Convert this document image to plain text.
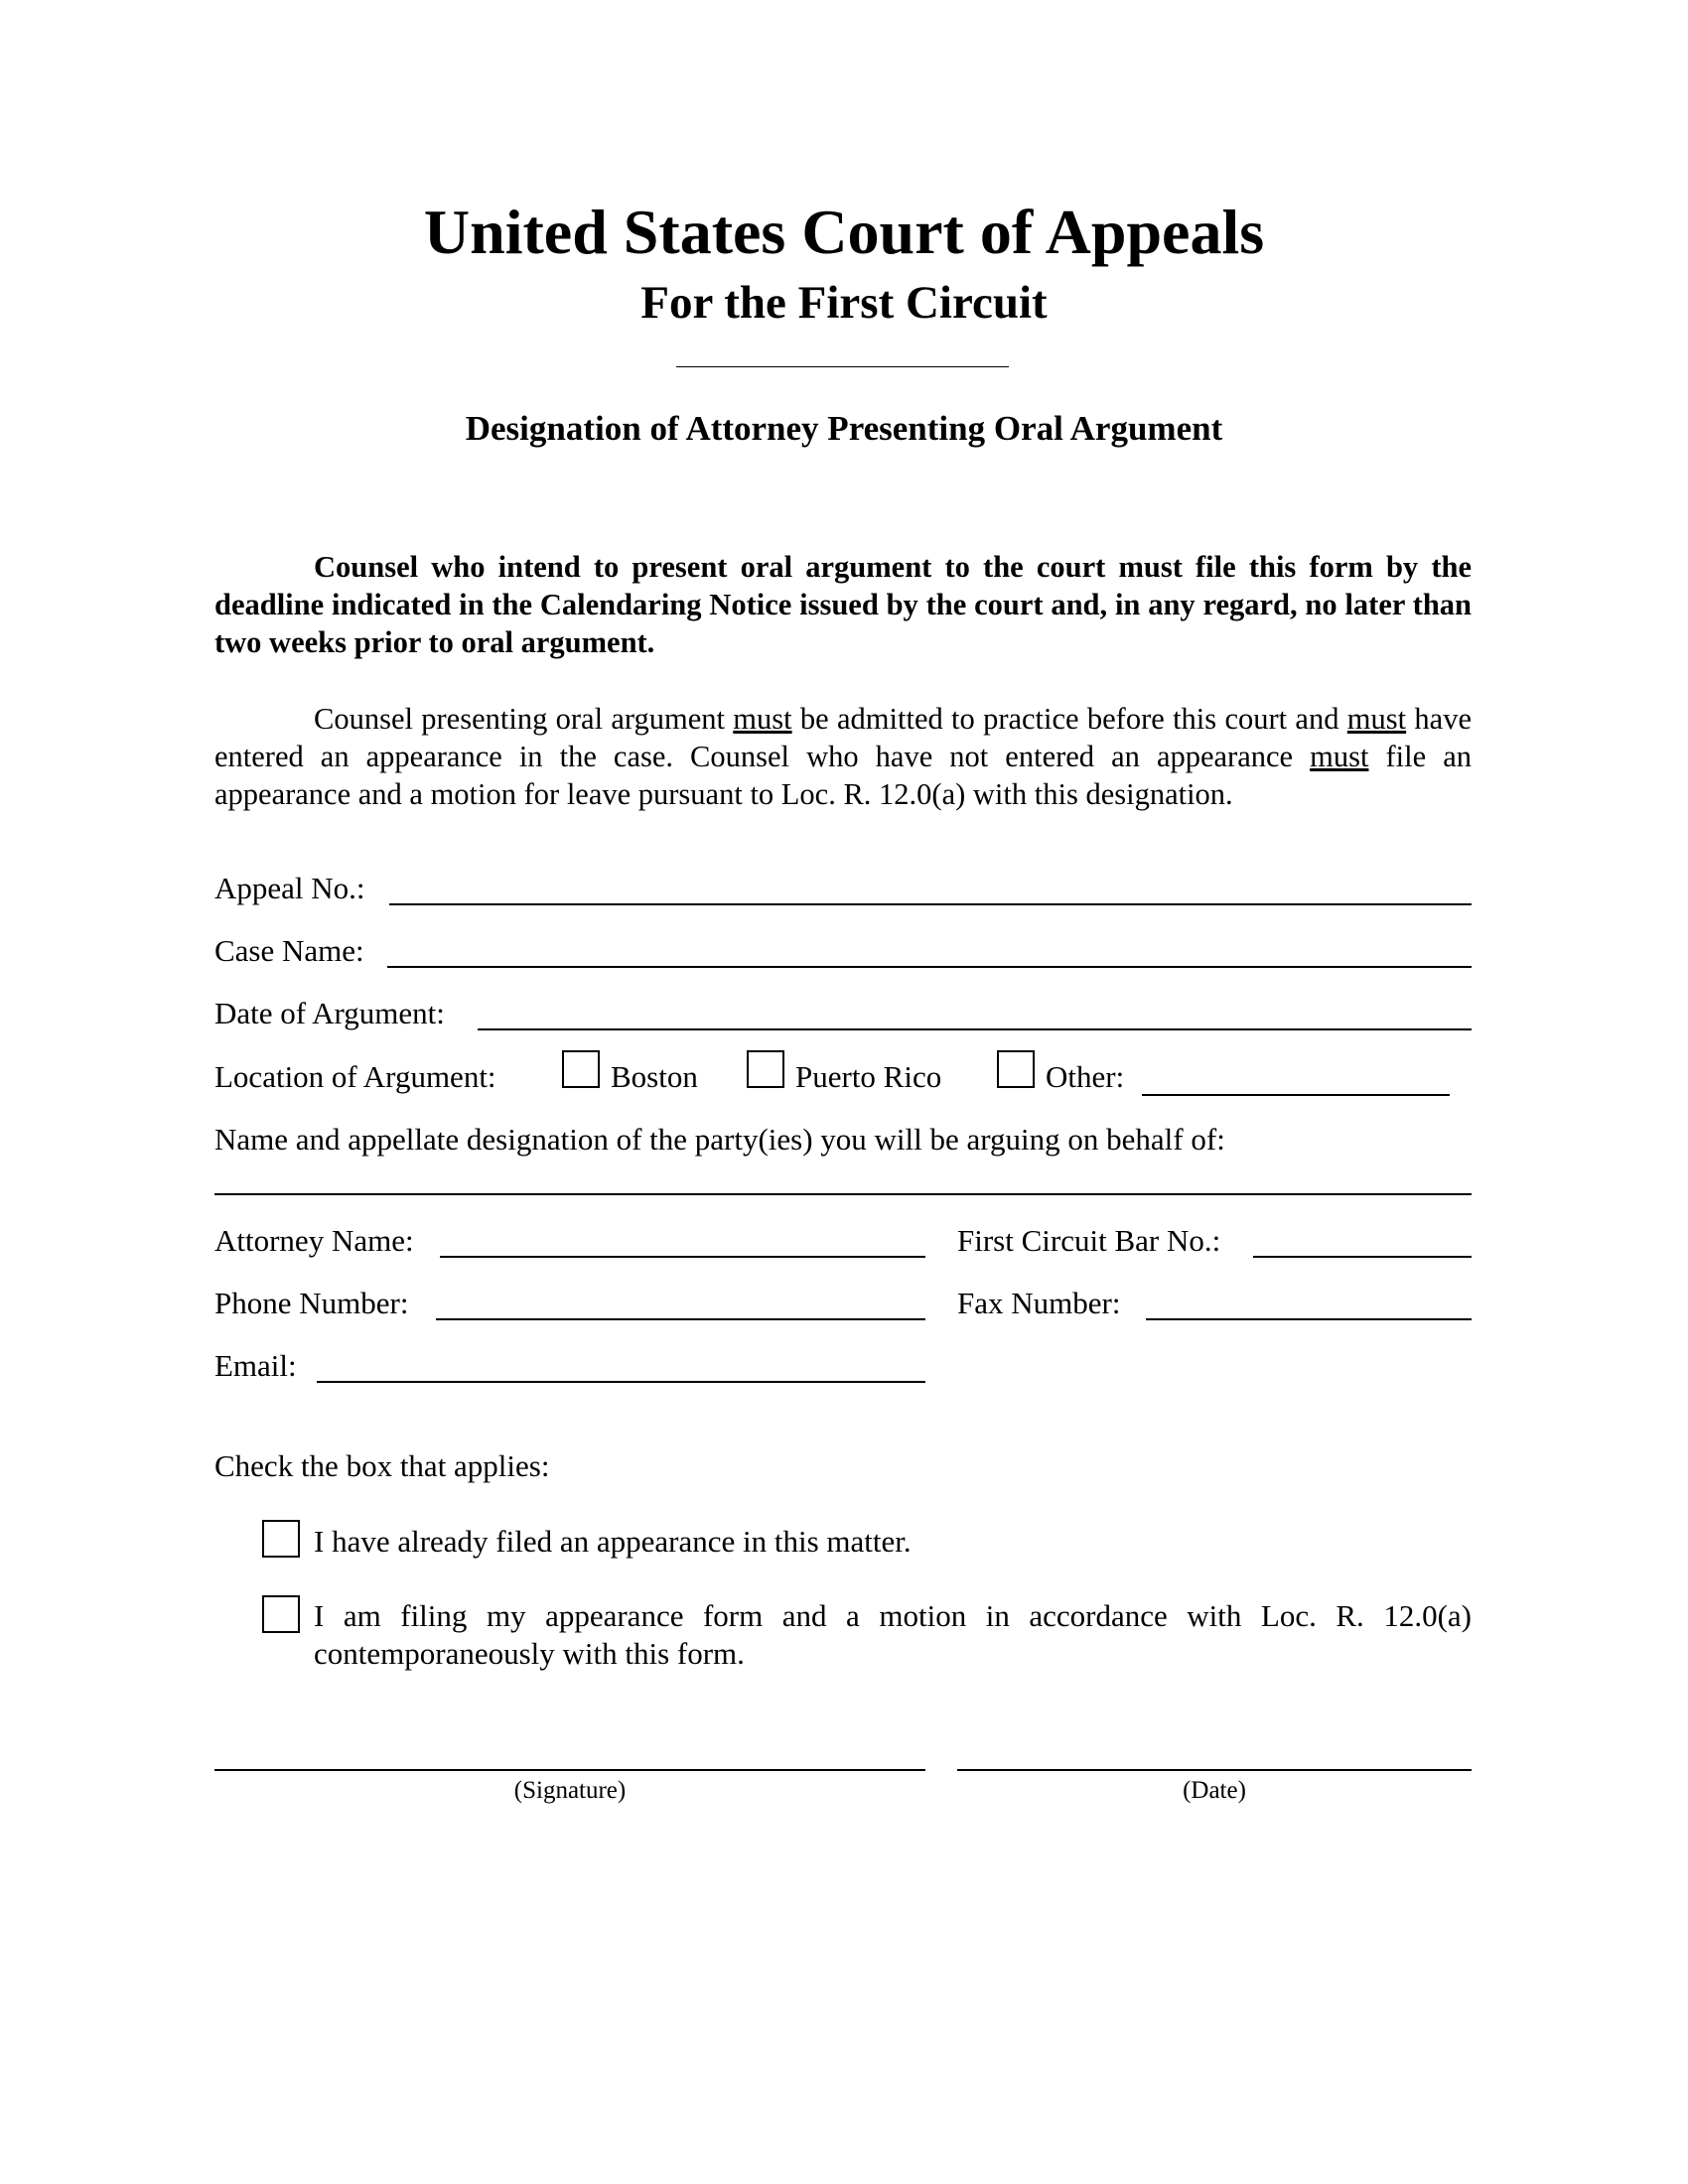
United States Court of Appeals
For the First Circuit
Designation of Attorney Presenting Oral Argument

Counsel who intend to present oral argument to the court must file this form by the deadline indicated in the Calendaring Notice issued by the court and, in any regard, no later than two weeks prior to oral argument.

Counsel presenting oral argument must be admitted to practice before this court and must have entered an appearance in the case. Counsel who have not entered an appearance must file an appearance and a motion for leave pursuant to Loc. R. 12.0(a) with this designation.

Appeal No.:
Case Name:
Date of Argument:
Location of Argument:	Boston	Puerto Rico	Other:
Name and appellate designation of the party(ies) you will be arguing on behalf of:
Attorney Name:	First Circuit Bar No.:
Phone Number:	Fax Number:
Email:
Check the box that applies:
I have already filed an appearance in this matter.
I am filing my appearance form and a motion in accordance with Loc. R. 12.0(a) contemporaneously with this form.
(Signature)	(Date)
